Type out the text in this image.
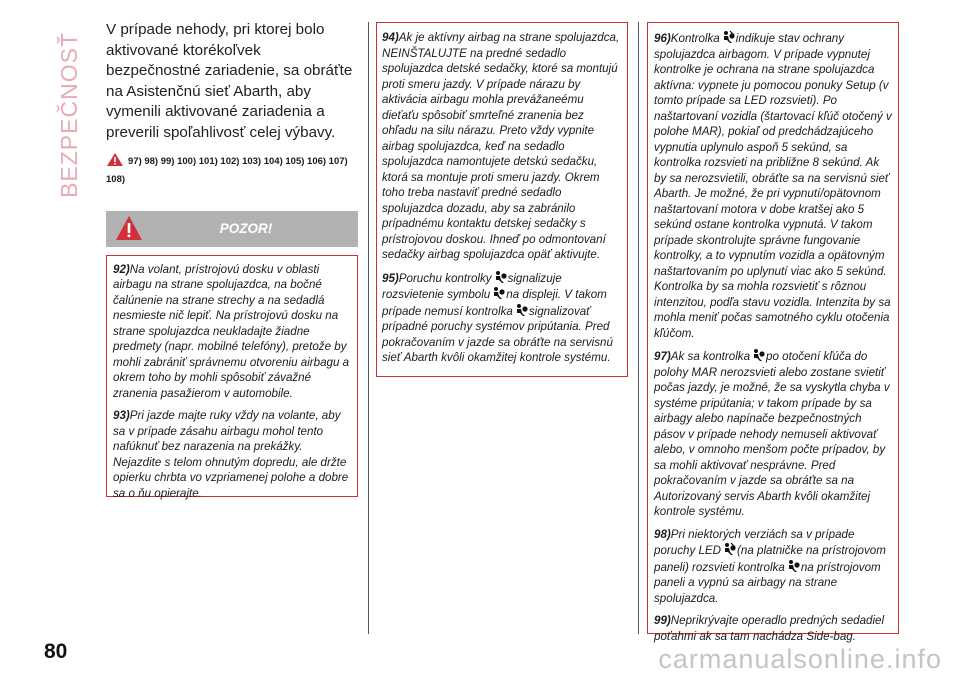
BEZPEČNOSŤ

V prípade nehody, pri ktorej bolo aktivované ktorékoľvek bezpečnostné zariadenie, sa obráťte na Asistenčnú sieť Abarth, aby vymenili aktivované zariadenia a preverili spoľahlivosť celej výbavy.

97) 98) 99) 100) 101) 102) 103) 104) 105) 106) 107) 108)
POZOR!

92)Na volant, prístrojovú dosku v oblasti airbagu na strane spolujazdca, na bočné čalúnenie na strane strechy a na sedadlá nesmieste nič lepiť. Na prístrojovú dosku na strane spolujazdca neukladajte žiadne predmety (napr. mobilné telefóny), pretože by mohli zabrániť správnemu otvoreniu airbagu a okrem toho by mohli spôsobiť závažné zranenia pasažierom v automobile.

93)Pri jazde majte ruky vždy na volante, aby sa v prípade zásahu airbagu mohol tento nafúknuť bez narazenia na prekážky. Nejazdite s telom ohnutým dopredu, ale držte opierku chrbta vo vzpriamenej polohe a dobre sa o ňu opierajte.

94)Ak je aktívny airbag na strane spolujazdca, NEINŠTALUJTE na predné sedadlo spolujazdca detské sedačky, ktoré sa montujú proti smeru jazdy. V prípade nárazu by aktivácia airbagu mohla prevážaneému dieťaťu spôsobiť smrteľné zranenia bez ohľadu na silu nárazu. Preto vždy vypnite airbag spolujazdca, keď na sedadlo spolujazdca namontujete detskú sedačku, ktorá sa montuje proti smeru jazdy. Okrem toho treba nastaviť predné sedadlo spolujazdca dozadu, aby sa zabránilo prípadnému kontaktu detskej sedačky s prístrojovou doskou. Ihneď po odmontovaní sedačky airbag spolujazdca opäť aktivujte.

95)Poruchu kontrolky signalizuje rozsvietenie symbolu na displeji. V takom prípade nemusí kontrolka signalizovať prípadné poruchy systémov pripútania. Pred pokračovaním v jazde sa obráťte na servisnú sieť Abarth kvôli okamžitej kontrole systému.

96)Kontrolka indikuje stav ochrany spolujazdca airbagom. V prípade vypnutej kontrolke je ochrana na strane spolujazdca aktívna: vypnete ju pomocou ponuky Setup (v tomto prípade sa LED rozsvieti). Po naštartovaní vozidla (štartovací kľúč otočený v polohe MAR), pokiaľ od predchádzajúceho vypnutia uplynulo aspoň 5 sekúnd, sa kontrolka rozsvieti na približne 8 sekúnd. Ak by sa nerozsvietili, obráťte sa na servisnú sieť Abarth. Je možné, že pri vypnutí/opätovnom naštartovaní motora v dobe kratšej ako 5 sekúnd ostane kontrolka vypnutá. V takom prípade skontrolujte správne fungovanie kontrolky, a to vypnutím vozidla a opätovným naštartovaním po uplynutí viac ako 5 sekúnd. Kontrolka by sa mohla rozsvietiť s rôznou intenzitou, podľa stavu vozidla. Intenzita by sa mohla meniť počas samotného cyklu otočenia kľúčom.

97)Ak sa kontrolka po otočení kľúča do polohy MAR nerozsvieti alebo zostane svietiť počas jazdy, je možné, že sa vyskytla chyba v systéme pripútania; v takom prípade by sa airbagy alebo napínače bezpečnostných pásov v prípade nehody nemuseli aktivovať alebo, v omnoho menšom počte prípadov, by sa mohli aktivovať nesprávne. Pred pokračovaním v jazde sa obráťte sa na Autorizovaný servis Abarth kvôli okamžitej kontrole systému.

98)Pri niektorých verziách sa v prípade poruchy LED (na platničke na prístrojovom paneli) rozsvieti kontrolka na prístrojovom paneli a vypnú sa airbagy na strane spolujazdca.

99)Neprikrývajte operadlo predných sedadiel poťahmi ak sa tam nachádza Side-bag.

80	carmanualsonline.info
